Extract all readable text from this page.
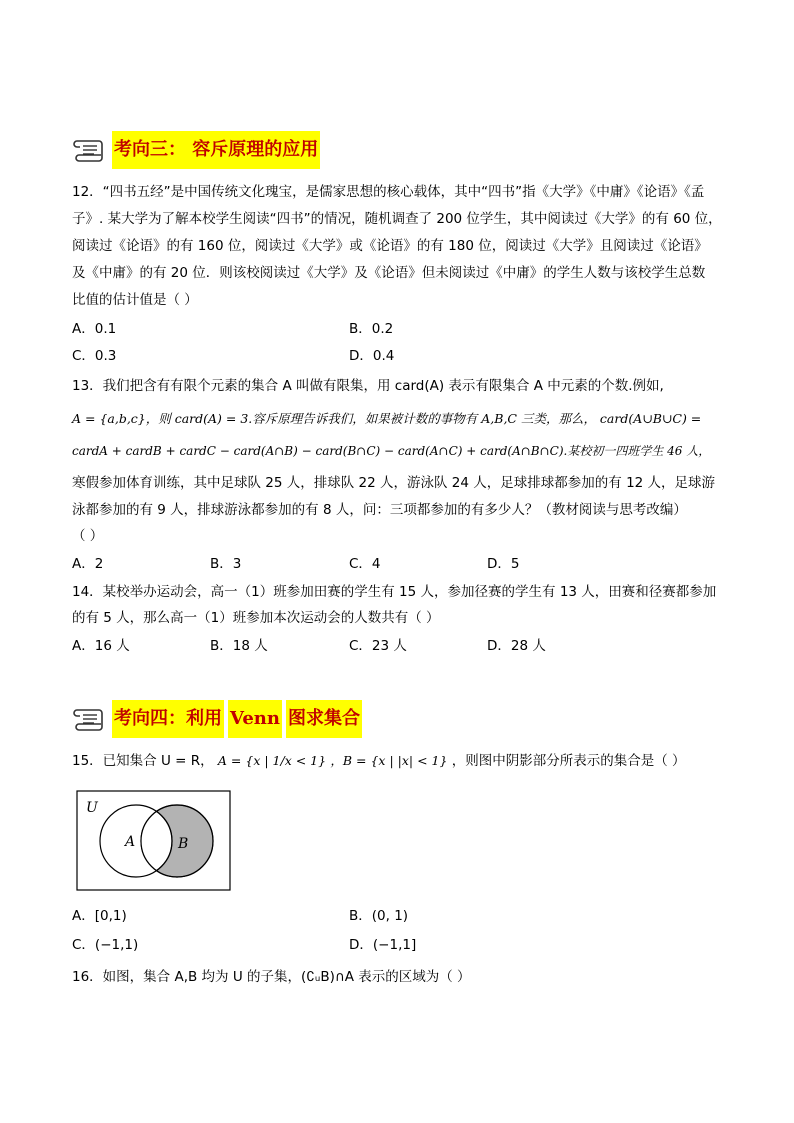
考向三： 容斥原理的应用
12．“四书五经”是中国传统文化瑰宝，是儒家思想的核心载体，其中“四书”指《大学》《中庸》《论语》《孟
子》. 某大学为了解本校学生阅读“四书”的情况，随机调查了 200 位学生，其中阅读过《大学》的有 60 位，
阅读过《论语》的有 160 位，阅读过《大学》或《论语》的有 180 位，阅读过《大学》且阅读过《论语》
及《中庸》的有 20 位．则该校阅读过《大学》及《论语》但未阅读过《中庸》的学生人数与该校学生总数
比值的估计值是（ ）
A．0.1	B．0.2
C．0.3	D．0.4
13．我们把含有有限个元素的集合 A 叫做有限集，用 card(A) 表示有限集合 A 中元素的个数.例如,
A = {a,b,c}，则 card(A) = 3.容斥原理告诉我们，如果被计数的事物有 A,B,C 三类，那么， card(A∪B∪C) =
cardA + cardB + cardC − card(A∩B) − card(B∩C) − card(A∩C) + card(A∩B∩C).某校初一四班学生 46 人，
寒假参加体育训练，其中足球队 25 人，排球队 22 人，游泳队 24 人，足球排球都参加的有 12 人，足球游
泳都参加的有 9 人，排球游泳都参加的有 8 人，问：三项都参加的有多少人？（教材阅读与思考改编）
（ ）
A．2	B．3	C．4	D．5
14．某校举办运动会，高一（1）班参加田赛的学生有 15 人，参加径赛的学生有 13 人，田赛和径赛都参加
的有 5 人，那么高一（1）班参加本次运动会的人数共有（ ）
A．16 人	B．18 人	C．23 人	D．28 人
考向四：利用 Venn 图求集合
15．已知集合 U = R， A = {x | 1/x < 1} ，B = {x | |x| < 1} ，则图中阴影部分所表示的集合是（ ）
U
A	B
A．[0,1)	B．(0, 1)
C．(−1,1)	D．(−1,1]
16．如图，集合 A,B 均为 U 的子集，(∁ᵤB)∩A 表示的区域为（ ）
